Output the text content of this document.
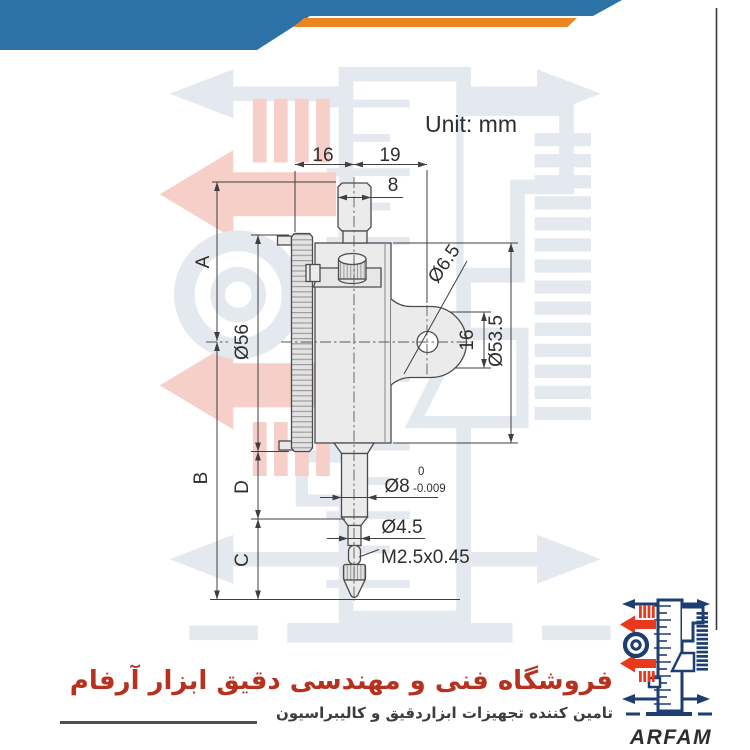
Unit: mm
16 19
8
A
Ø56
B
D
C
Ø6.5
16 Ø53.5
Ø8
0
-0.009
Ø4.5
M2.5x0.45
ARFAM
فروشگاه فنی و مهندسی دقیق ابزار آرفام
تامین کننده تجهیزات ابزاردقیق و کالیبراسیون
